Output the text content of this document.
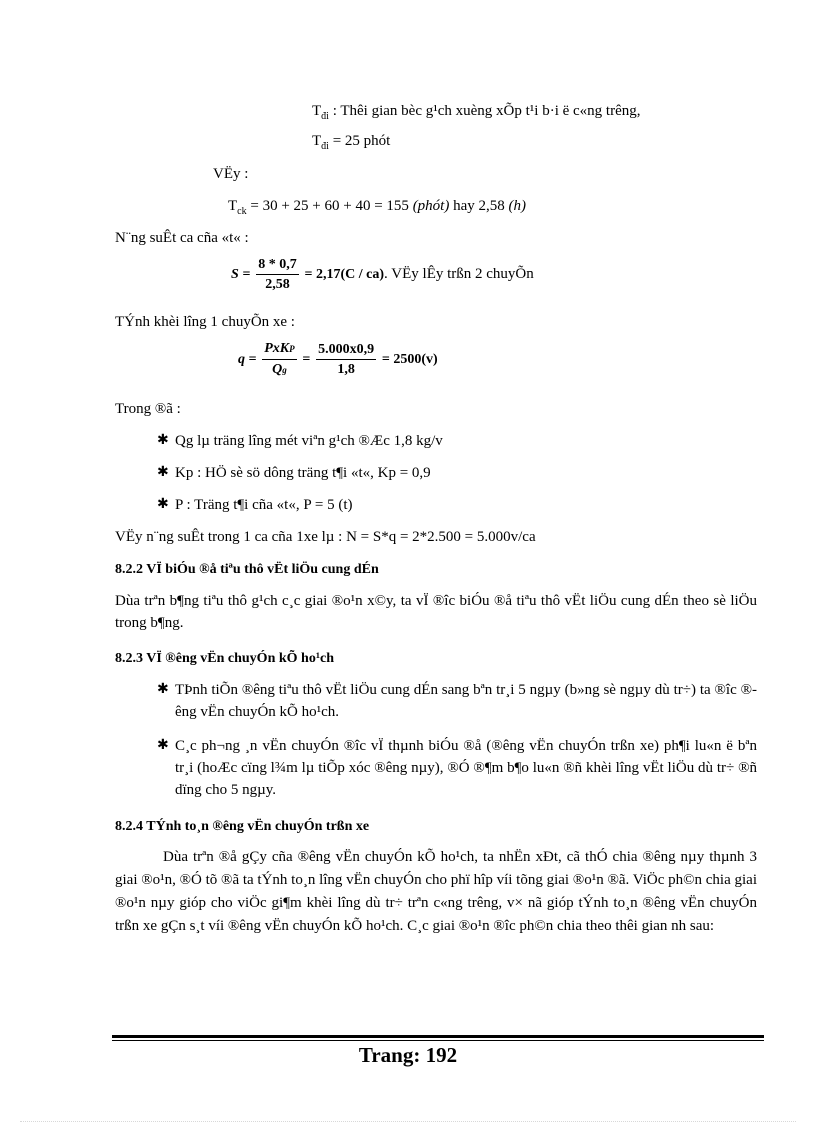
$T_{đi}$ : Thêi gian bèc g¹ch xuèng xÕp t¹i b·i ë c«ng trêng,
$T_{đi} = 25$ phót
VËy :
$T_{ck} = 30 + 25 + 60 + 40 = 155$ (phót) hay 2,58 (h)
N¨ng suÊt ca cña «t« :
$S = \frac{8 * 0,7}{2,58} = 2,17(C / ca)$. VËy lÊy trßn 2 chuyÕn
TÝnh khèi lîng 1 chuyÕn xe :
$q = \frac{\text{PxKP}}{Qg} = \frac{5.000x0,9}{1,8} = 2500(v)$
Trong ®ã :
✱ Qg lµ träng lîng mét viªn g¹ch ®Æc 1,8 kg/v
✱ Kp : HÖ sè sö dông träng t¶i «t«, Kp = 0,9
✱ P : Träng t¶i cña «t«, P = 5 (t)
VËy n¨ng suÊt trong 1 ca cña 1xe lµ : N = S*q = 2*2.500 = 5.000v/ca
8.2.2 VÏ biÓu ®å tiªu thô vËt liÖu cung dÉn
Dùa trªn b¶ng tiªu thô g¹ch c¸c giai ®o¹n x©y, ta vÏ ®îc biÓu ®å tiªu thô vËt liÖu cung dÉn theo sè liÖu trong b¶ng.
8.2.3 VÏ ®êng vËn chuyÓn kÕ ho¹ch
✱ TÞnh tiÕn ®êng tiªu thô vËt liÖu cung dÉn sang bªn tr¸i 5 ngµy (b»ng sè ngµy dù tr÷) ta ®îc ®êng vËn chuyÓn kÕ ho¹ch.
✱ C¸c ph¬ng ¸n vËn chuyÓn ®îc vÏ thµnh biÓu ®å (®êng vËn chuyÓn trßn xe) ph¶i lu«n ë bªn tr¸i (hoÆc cïng l¾m lµ tiÕp xóc ®êng nµy), ®Ó ®¶m b¶o lu«n ®ñ khèi lîng vËt liÖu dù tr÷ ®ñ dïng cho 5 ngµy.
8.2.4 TÝnh to¸n ®êng vËn chuyÓn trßn xe
Dùa trªn ®å gÇy cña ®êng vËn chuyÓn kÕ ho¹ch, ta nhËn xÐt, cã thÓ chia ®êng nµy thµnh 3 giai ®o¹n, ®Ó tõ ®ã ta tÝnh to¸n lîng vËn chuyÓn cho phï hîp víi tõng giai ®o¹n ®ã. ViÖc ph©n chia giai ®o¹n nµy gióp cho viÖc gi¶m khèi lîng dù tr÷ trªn c«ng trêng, v× nã gióp tÝnh to¸n ®êng vËn chuyÓn trßn xe gÇn s¸t víi ®êng vËn chuyÓn kÕ ho¹ch. C¸c giai ®o¹n ®îc ph©n chia theo thêi gian nh sau:
Trang: 192
